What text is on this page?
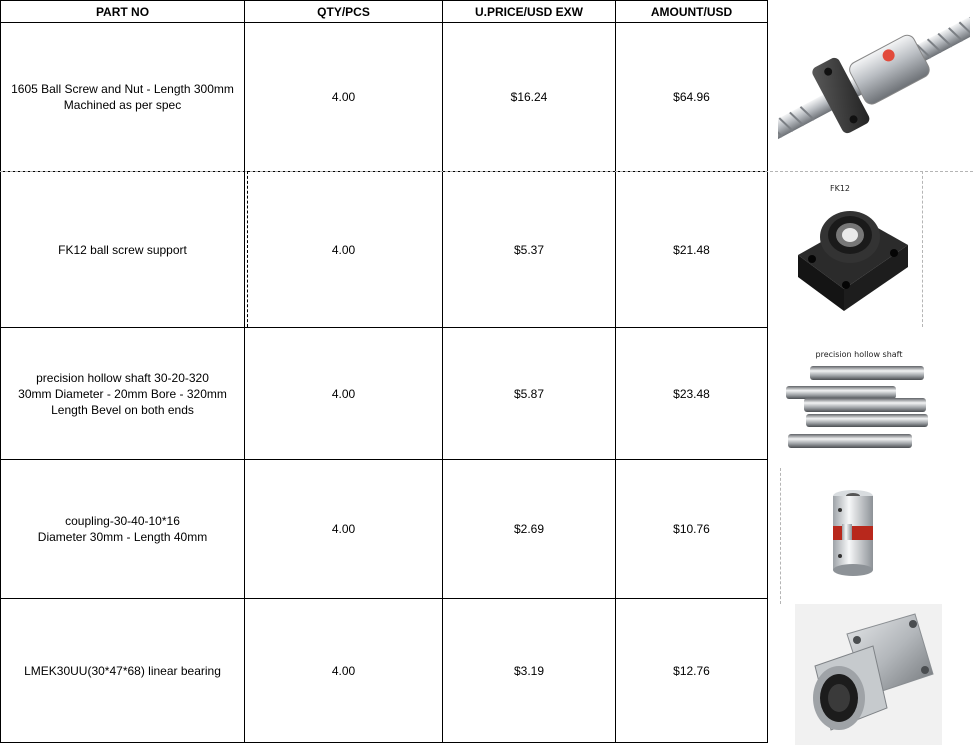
PART NO	QTY/PCS	U.PRICE/USD EXW	AMOUNT/USD
1605 Ball Screw and Nut - Length 300mm
Machined as per spec	4.00	$16.24	$64.96
FK12 ball screw support	4.00	$5.37	$21.48
precision hollow shaft 30-20-320
30mm Diameter - 20mm Bore - 320mm
Length Bevel on both ends	4.00	$5.87	$23.48
coupling-30-40-10*16
Diameter 30mm - Length 40mm	4.00	$2.69	$10.76
LMEK30UU(30*47*68) linear bearing	4.00	$3.19	$12.76
FK12
precision hollow shaft
